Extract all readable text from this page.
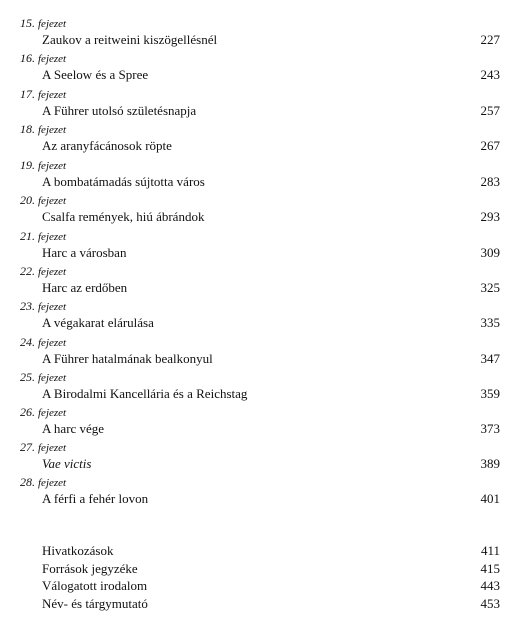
15. fejezet
Zaukov a reitweini kiszögellésnél	227
16. fejezet
A Seelow és a Spree	243
17. fejezet
A Führer utolsó születésnapja	257
18. fejezet
Az aranyfácánosok röpte	267
19. fejezet
A bombatámadás sújtotta város	283
20. fejezet
Csalfa remények, hiú ábrándok	293
21. fejezet
Harc a városban	309
22. fejezet
Harc az erdőben	325
23. fejezet
A végakarat elárulása	335
24. fejezet
A Führer hatalmának bealkonyul	347
25. fejezet
A Birodalmi Kancellária és a Reichstag	359
26. fejezet
A harc vége	373
27. fejezet
Vae victis	389
28. fejezet
A férfi a fehér lovon	401
Hivatkozások	411
Források jegyzéke	415
Válogatott irodalom	443
Név- és tárgymutató	453
